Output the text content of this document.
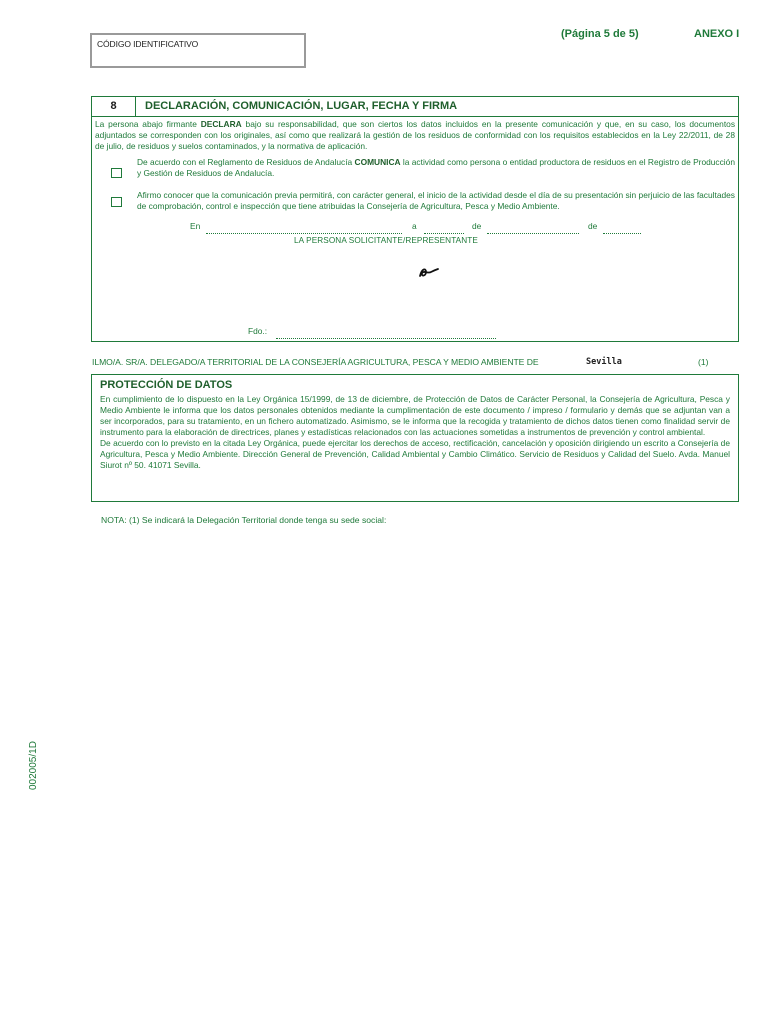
CÓDIGO IDENTIFICATIVO
(Página 5 de 5)	ANEXO I
8	DECLARACIÓN, COMUNICACIÓN, LUGAR, FECHA Y FIRMA
La persona abajo firmante DECLARA bajo su responsabilidad, que son ciertos los datos incluidos en la presente comunicación y que, en su caso, los documentos adjuntados se corresponden con los originales, así como que realizará la gestión de los residuos de conformidad con los requisitos establecidos en la Ley 22/2011, de 28 de julio, de residuos y suelos contaminados, y la normativa de aplicación.
De acuerdo con el Reglamento de Residuos de Andalucía COMUNICA la actividad como persona o entidad productora de residuos en el Registro de Producción y Gestión de Residuos de Andalucía.
Afirmo conocer que la comunicación previa permitirá, con carácter general, el inicio de la actividad desde el día de su presentación sin perjuicio de las facultades de comprobación, control e inspección que tiene atribuidas la Consejería de Agricultura, Pesca y Medio Ambiente.
En	a	de	de
LA PERSONA SOLICITANTE/REPRESENTANTE
Fdo.:
ILMO/A. SR/A. DELEGADO/A TERRITORIAL DE LA CONSEJERÍA AGRICULTURA, PESCA Y MEDIO AMBIENTE DE	Sevilla	(1)
PROTECCIÓN DE DATOS
En cumplimiento de lo dispuesto en la Ley Orgánica 15/1999, de 13 de diciembre, de Protección de Datos de Carácter Personal, la Consejería de Agricultura, Pesca y Medio Ambiente le informa que los datos personales obtenidos mediante la cumplimentación de este documento / impreso / formulario y demás que se adjuntan van a ser incorporados, para su tratamiento, en un fichero automatizado. Asimismo, se le informa que la recogida y tratamiento de dichos datos tienen como finalidad servir de instrumento para la elaboración de directrices, planes y estadísticas relacionados con las actuaciones sometidas a instrumentos de prevención y control ambiental.
De acuerdo con lo previsto en la citada Ley Orgánica, puede ejercitar los derechos de acceso, rectificación, cancelación y oposición dirigiendo un escrito a Consejería de Agricultura, Pesca y Medio Ambiente. Dirección General de Prevención, Calidad Ambiental y Cambio Climático. Servicio de Residuos y Calidad del Suelo. Avda. Manuel Siurot nº 50. 41071 Sevilla.
NOTA: (1) Se indicará la Delegación Territorial donde tenga su sede social:
002005/1D
